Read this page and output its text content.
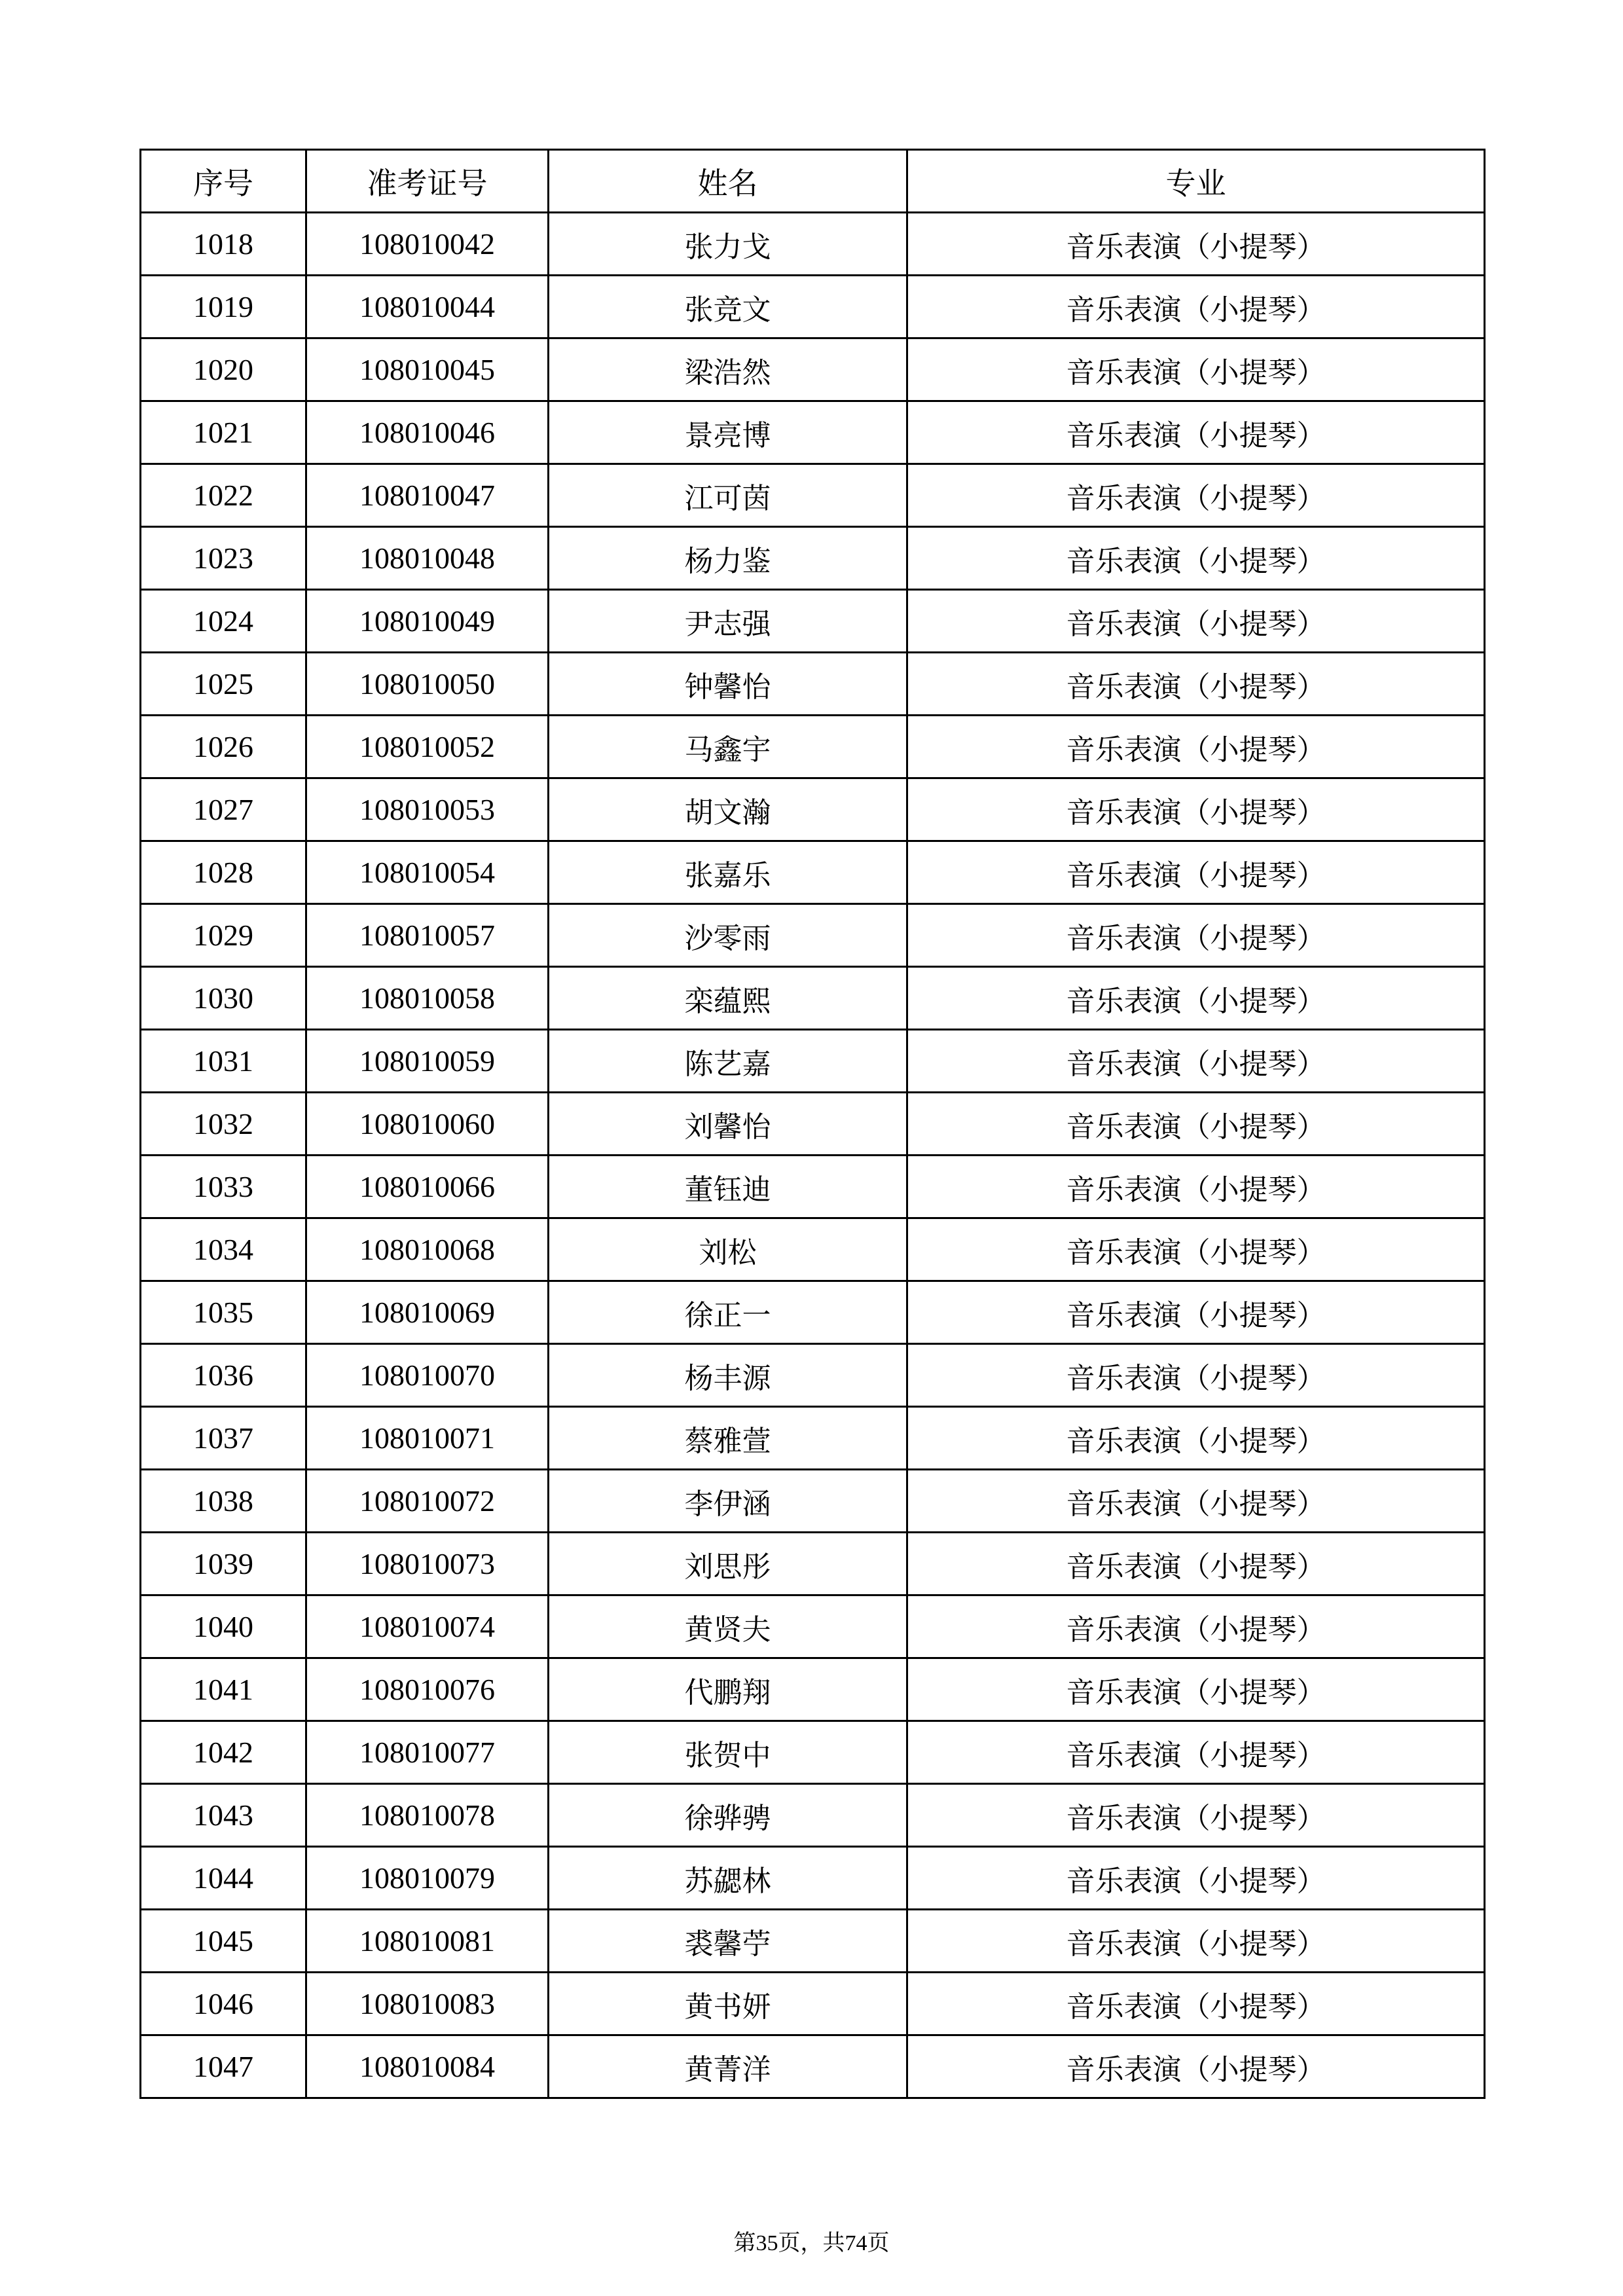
序号	准考证号	姓名	专业
1018	108010042	张力戈	音乐表演（小提琴）
1019	108010044	张竞文	音乐表演（小提琴）
1020	108010045	梁浩然	音乐表演（小提琴）
1021	108010046	景亮博	音乐表演（小提琴）
1022	108010047	江可茵	音乐表演（小提琴）
1023	108010048	杨力鉴	音乐表演（小提琴）
1024	108010049	尹志强	音乐表演（小提琴）
1025	108010050	钟馨怡	音乐表演（小提琴）
1026	108010052	马鑫宇	音乐表演（小提琴）
1027	108010053	胡文瀚	音乐表演（小提琴）
1028	108010054	张嘉乐	音乐表演（小提琴）
1029	108010057	沙零雨	音乐表演（小提琴）
1030	108010058	栾蕴熙	音乐表演（小提琴）
1031	108010059	陈艺嘉	音乐表演（小提琴）
1032	108010060	刘馨怡	音乐表演（小提琴）
1033	108010066	董钰迪	音乐表演（小提琴）
1034	108010068	刘松	音乐表演（小提琴）
1035	108010069	徐正一	音乐表演（小提琴）
1036	108010070	杨丰源	音乐表演（小提琴）
1037	108010071	蔡雅萱	音乐表演（小提琴）
1038	108010072	李伊涵	音乐表演（小提琴）
1039	108010073	刘思彤	音乐表演（小提琴）
1040	108010074	黄贤夫	音乐表演（小提琴）
1041	108010076	代鹏翔	音乐表演（小提琴）
1042	108010077	张贺中	音乐表演（小提琴）
1043	108010078	徐骅骋	音乐表演（小提琴）
1044	108010079	苏勰林	音乐表演（小提琴）
1045	108010081	裘馨苧	音乐表演（小提琴）
1046	108010083	黄书妍	音乐表演（小提琴）
1047	108010084	黄菁洋	音乐表演（小提琴）
第35页，共74页
